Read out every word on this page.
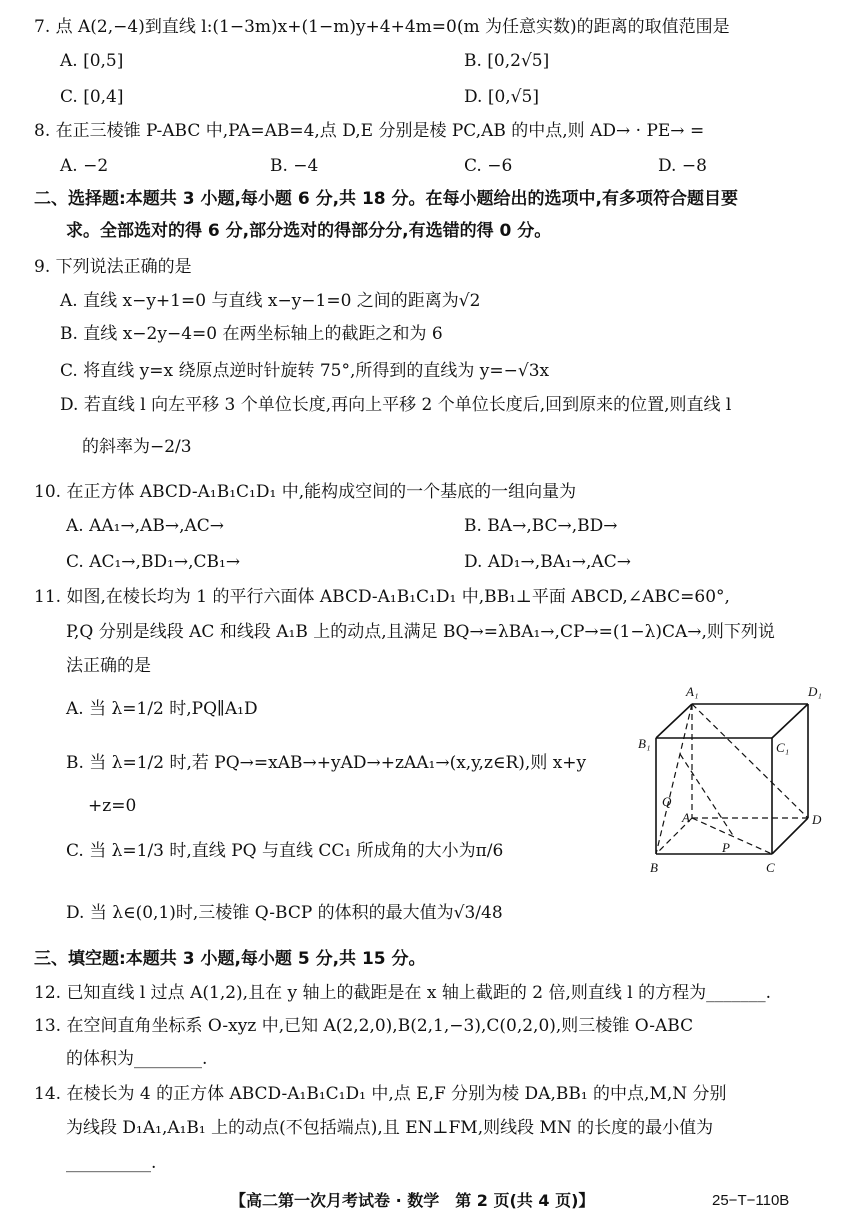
7. 点 A(2,−4)到直线 l:(1−3m)x+(1−m)y+4+4m=0(m 为任意实数)的距离的取值范围是
A. [0,5]	B. [0,2√5]
C. [0,4]	D. [0,√5]
8. 在正三棱锥 P-ABC 中,PA=AB=4,点 D,E 分别是棱 PC,AB 的中点,则 AD→ · PE→ =
A. −2	B. −4	C. −6	D. −8
二、选择题:本题共 3 小题,每小题 6 分,共 18 分。在每小题给出的选项中,有多项符合题目要
求。全部选对的得 6 分,部分选对的得部分分,有选错的得 0 分。
9. 下列说法正确的是
A. 直线 x−y+1=0 与直线 x−y−1=0 之间的距离为√2
B. 直线 x−2y−4=0 在两坐标轴上的截距之和为 6
C. 将直线 y=x 绕原点逆时针旋转 75°,所得到的直线为 y=−√3x
D. 若直线 l 向左平移 3 个单位长度,再向上平移 2 个单位长度后,回到原来的位置,则直线 l
的斜率为−2/3
10. 在正方体 ABCD-A₁B₁C₁D₁ 中,能构成空间的一个基底的一组向量为
A. AA₁→,AB→,AC→	B. BA→,BC→,BD→
C. AC₁→,BD₁→,CB₁→	D. AD₁→,BA₁→,AC→
11. 如图,在棱长均为 1 的平行六面体 ABCD-A₁B₁C₁D₁ 中,BB₁⊥平面 ABCD,∠ABC=60°,
P,Q 分别是线段 AC 和线段 A₁B 上的动点,且满足 BQ→=λBA₁→,CP→=(1−λ)CA→,则下列说
法正确的是
A. 当 λ=1/2 时,PQ∥A₁D
B. 当 λ=1/2 时,若 PQ→=xAB→+yAD→+zAA₁→(x,y,z∈R),则 x+y
+z=0
C. 当 λ=1/3 时,直线 PQ 与直线 CC₁ 所成角的大小为π/6
D. 当 λ∈(0,1)时,三棱锥 Q-BCP 的体积的最大值为√3/48
A₁	D₁
B₁	C₁
Q
A	D
P
B	C
三、填空题:本题共 3 小题,每小题 5 分,共 15 分。
12. 已知直线 l 过点 A(1,2),且在 y 轴上的截距是在 x 轴上截距的 2 倍,则直线 l 的方程为_______.
13. 在空间直角坐标系 O-xyz 中,已知 A(2,2,0),B(2,1,−3),C(0,2,0),则三棱锥 O-ABC
的体积为________.
14. 在棱长为 4 的正方体 ABCD-A₁B₁C₁D₁ 中,点 E,F 分别为棱 DA,BB₁ 的中点,M,N 分别
为线段 D₁A₁,A₁B₁ 上的动点(不包括端点),且 EN⊥FM,则线段 MN 的长度的最小值为
__________.
【高二第一次月考试卷 · 数学　第 2 页(共 4 页)】	25−T−110B
